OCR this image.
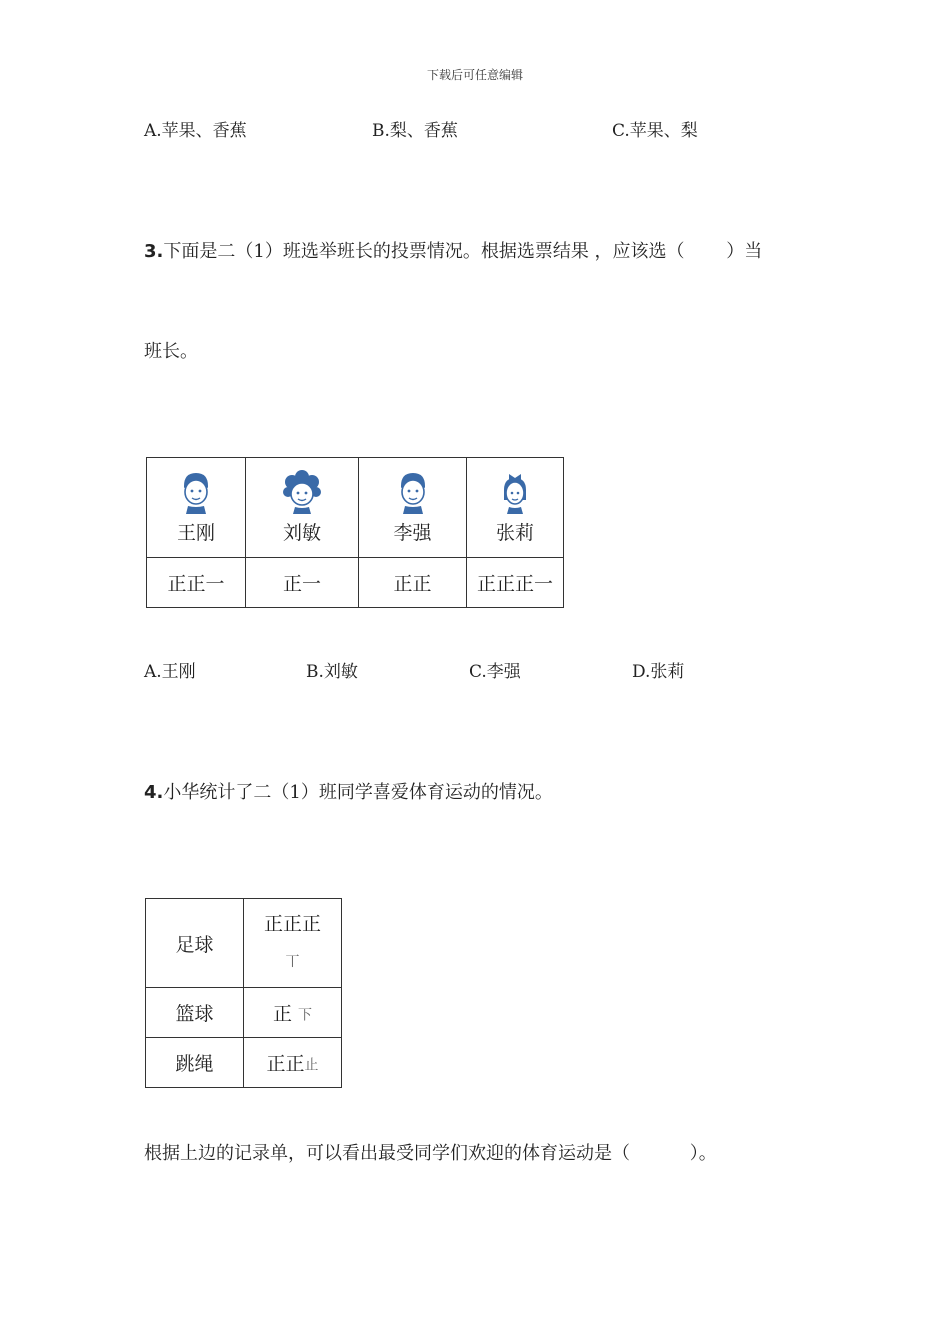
下载后可任意编辑
A.苹果、香蕉	B.梨、香蕉	C.苹果、梨
3.下面是二（1）班选举班长的投票情况。根据选票结果 ，应该选（　　 ）当
班长。
王刚	刘敏	李强	张莉
正正一	正一	正正	正正正一
A.王刚	B.刘敏	C.李强	D.张莉
4.小华统计了二（1）班同学喜爱体育运动的情况。
足球	正正正
丅
篮球	正 下
跳绳	正正止
根据上边的记录单，可以看出最受同学们欢迎的体育运动是（　　　 ）。
